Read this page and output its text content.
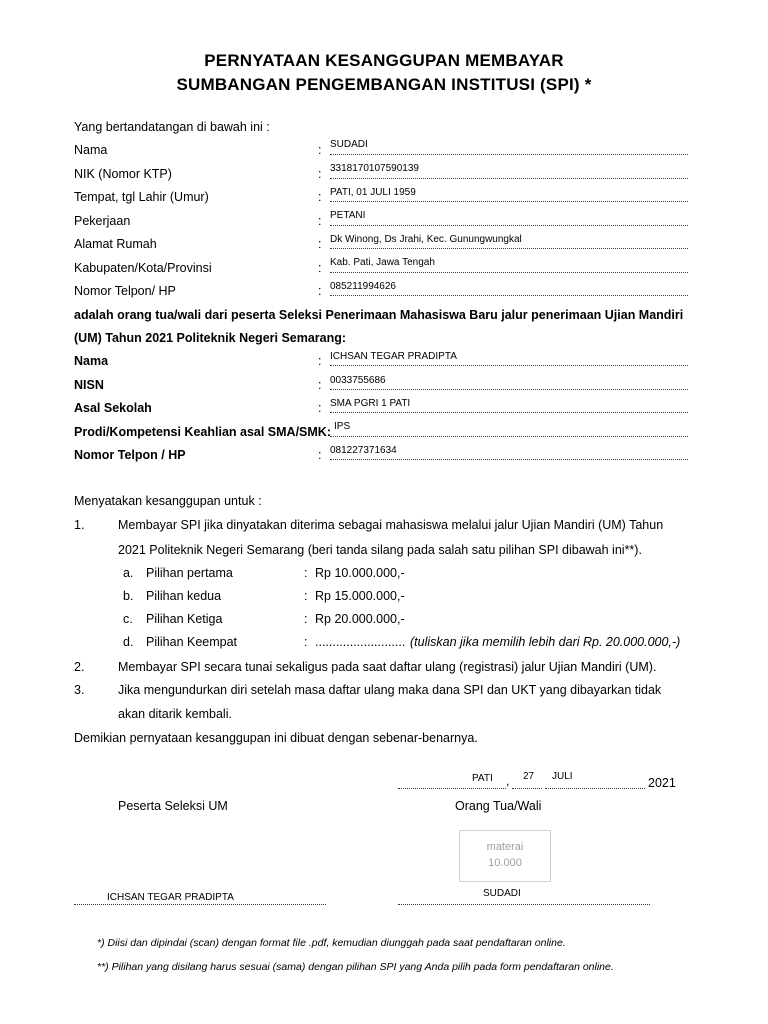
PERNYATAAN KESANGGUPAN MEMBAYAR
SUMBANGAN PENGEMBANGAN INSTITUSI (SPI) *
Yang bertandatangan di bawah ini :
Nama	: SUDADI
NIK (Nomor KTP)	: 3318170107590139
Tempat, tgl Lahir (Umur)	: PATI, 01 JULI 1959
Pekerjaan	: PETANI
Alamat Rumah	: Dk Winong, Ds Jrahi, Kec. Gunungwungkal
Kabupaten/Kota/Provinsi	: Kab. Pati, Jawa Tengah
Nomor Telpon/ HP	: 085211994626
adalah orang tua/wali dari peserta Seleksi Penerimaan Mahasiswa Baru jalur penerimaan Ujian Mandiri
(UM) Tahun 2021 Politeknik Negeri Semarang:
Nama	: ICHSAN TEGAR PRADIPTA
NISN	: 0033755686
Asal Sekolah	: SMA PGRI 1 PATI
Prodi/Kompetensi Keahlian asal SMA/SMK: IPS
Nomor Telpon / HP	: 081227371634
Menyatakan kesanggupan untuk :
1.	Membayar SPI jika dinyatakan diterima sebagai mahasiswa melalui jalur Ujian Mandiri (UM) Tahun
2021 Politeknik Negeri Semarang (beri tanda silang pada salah satu pilihan SPI dibawah ini**).
a. Pilihan pertama	: Rp 10.000.000,-
b. Pilihan kedua	: Rp 15.000.000,-
c. Pilihan Ketiga	: Rp 20.000.000,-
d. Pilihan Keempat	: .......................... (tuliskan jika memilih lebih dari Rp. 20.000.000,-)
2.	Membayar SPI secara tunai sekaligus pada saat daftar ulang (registrasi) jalur Ujian Mandiri (UM).
3.	Jika mengundurkan diri setelah masa daftar ulang maka dana SPI dan UKT yang dibayarkan tidak
akan ditarik kembali.
Demikian pernyataan kesanggupan ini dibuat dengan sebenar-benarnya.
,
PATI	27 JULI	2021
Peserta Seleksi UM	Orang Tua/Wali
materai
10.000
ICHSAN TEGAR PRADIPTA	SUDADI
*) Diisi dan dipindai (scan) dengan format file .pdf, kemudian diunggah pada saat pendaftaran online.
**) Pilihan yang disilang harus sesuai (sama) dengan pilihan SPI yang Anda pilih pada form pendaftaran online.
